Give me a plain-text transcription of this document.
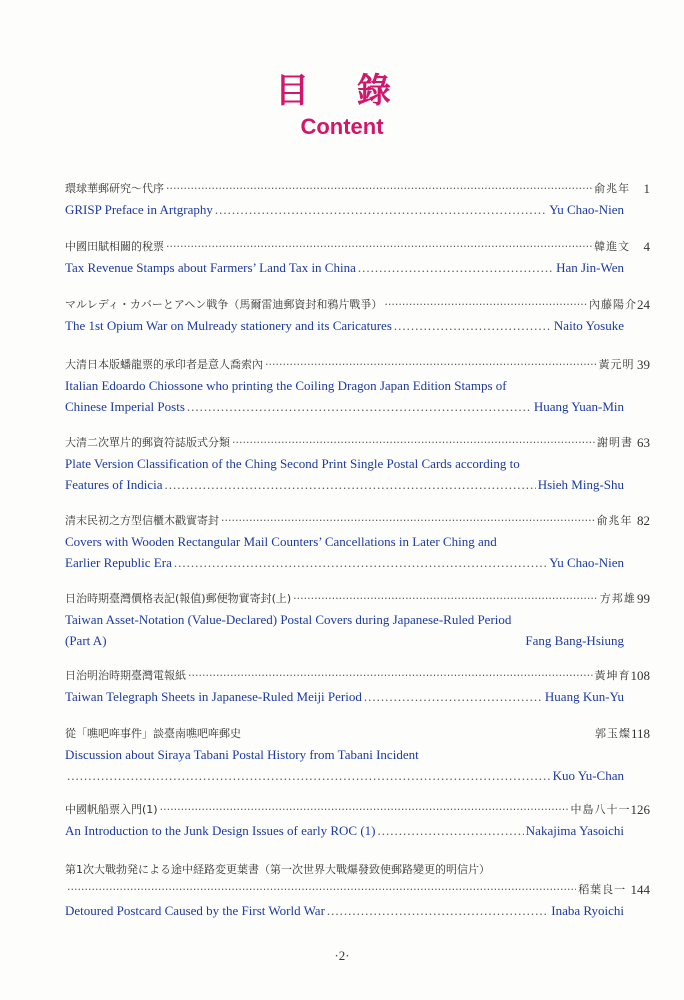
目 錄
Content
環球華郵研究～代序 ·····	俞兆年	1
GRISP Preface in Artgraphy .....	Yu Chao-Nien
中國田賦相關的稅票 ·····	韓進文	4
Tax Revenue Stamps about Farmers’ Land Tax in China .....	Han Jin-Wen
マルレディ・カバーとアヘン戦争（馬爾雷迪郵資封和鴉片戰爭） ·····	內藤陽介 24
The 1st Opium War on Mulready stationery and its Caricatures .....	Naito Yosuke
大清日本版蟠龍票的承印者是意人喬索內 ·····	黃元明 39
Italian Edoardo Chiossone who printing the Coiling Dragon Japan Edition Stamps of
Chinese Imperial Posts .....	Huang Yuan-Min
大清二次單片的郵資符誌版式分類 ·····	謝明書 63
Plate Version Classification of the Ching Second Print Single Postal Cards according to
Features of Indicia .....	Hsieh Ming-Shu
清末民初之方型信櫃木戳實寄封 ·····	俞兆年 82
Covers with Wooden Rectangular Mail Counters’ Cancellations in Later Ching and
Earlier Republic Era .....	Yu Chao-Nien
日治時期臺灣價格表記(報值)郵便物實寄封(上) ·····	方邦雄 99
Taiwan Asset-Notation (Value-Declared) Postal Covers during Japanese-Ruled Period
(Part A)	Fang Bang-Hsiung
日治明治時期臺灣電報紙 ·····	黃坤育 108
Taiwan Telegraph Sheets in Japanese-Ruled Meiji Period .....	Huang Kun-Yu
從「噍吧哖事件」談臺南噍吧哖郵史	郭玉燦 118
Discussion about Siraya Tabani Postal History from Tabani Incident
.....
Kuo Yu-Chan
中國帆船票入門(1) ·····	中島八十一 126
An Introduction to the Junk Design Issues of early ROC (1) .....	Nakajima Yasoichi
第1次大戰勃発による途中経路変更葉書（第一次世界大戰爆發致使郵路變更的明信片）
·····
稻葉良一 144
Detoured Postcard Caused by the First World War .....	Inaba Ryoichi
·2·
